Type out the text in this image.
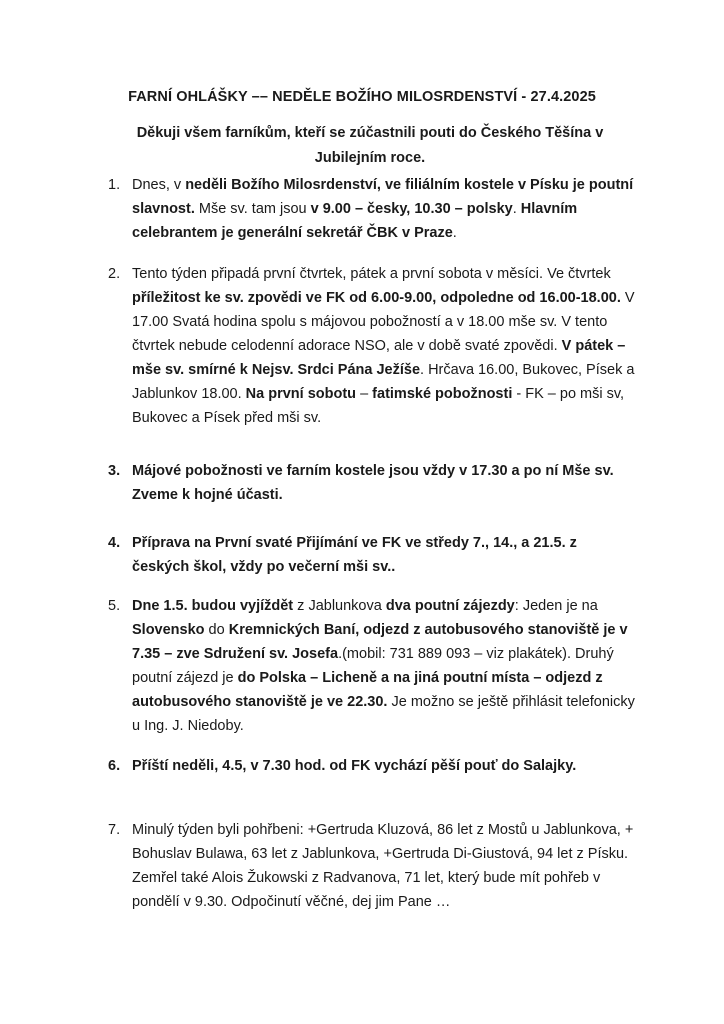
FARNÍ OHLÁŠKY –– NEDĚLE BOŽÍHO MILOSRDENSTVÍ - 27.4.2025
Děkuji všem farníkům, kteří se zúčastnili pouti do Českého Těšína v Jubilejním roce.
1. Dnes, v neděli Božího Milosrdenství, ve filiálním kostele v Písku je poutní slavnost. Mše sv. tam jsou v 9.00 – česky, 10.30 – polsky. Hlavním celebrantem je generální sekretář ČBK v Praze.
2. Tento týden připadá první čtvrtek, pátek a první sobota v měsíci. Ve čtvrtek příležitost ke sv. zpovědi ve FK od 6.00-9.00, odpoledne od 16.00-18.00. V 17.00 Svatá hodina spolu s májovou pobožností a v 18.00 mše sv. V tento čtvrtek nebude celodenní adorace NSO, ale v době svaté zpovědi. V pátek – mše sv. smírné k Nejsv. Srdci Pána Ježíše. Hrčava 16.00, Bukovec, Písek a Jablunkov 18.00. Na první sobotu – fatimské pobožnosti - FK – po mši sv, Bukovec a Písek před mši sv.
3. Májové pobožnosti ve farním kostele jsou vždy v 17.30 a po ní Mše sv. Zveme k hojné účasti.
4. Příprava na První svaté Přijímání ve FK ve středy 7., 14., a 21.5. z českých škol, vždy po večerní mši sv..
5. Dne 1.5. budou vyjíždět z Jablunkova dva poutní zájezdy: Jeden je na Slovensko do Kremnických Baní, odjezd z autobusového stanoviště je v 7.35 – zve Sdružení sv. Josefa.(mobil: 731 889 093 – viz plakátek). Druhý poutní zájezd je do Polska – Licheně a na jiná poutní místa – odjezd z autobusového stanoviště je ve 22.30. Je možno se ještě přihlásit telefonicky u Ing. J. Niedoby.
6. Příští neděli, 4.5, v 7.30 hod. od FK vychází pěší pouť do Salajky.
7. Minulý týden byli pohřbeni: +Gertruda Kluzová, 86 let z Mostů u Jablunkova, + Bohuslav Bulawa, 63 let z Jablunkova, +Gertruda Di-Giustová, 94 let z Písku. Zemřel také Alois Žukowski z Radvanova, 71 let, který bude mít pohřeb v pondělí v 9.30. Odpočinutí věčné, dej jim Pane …
